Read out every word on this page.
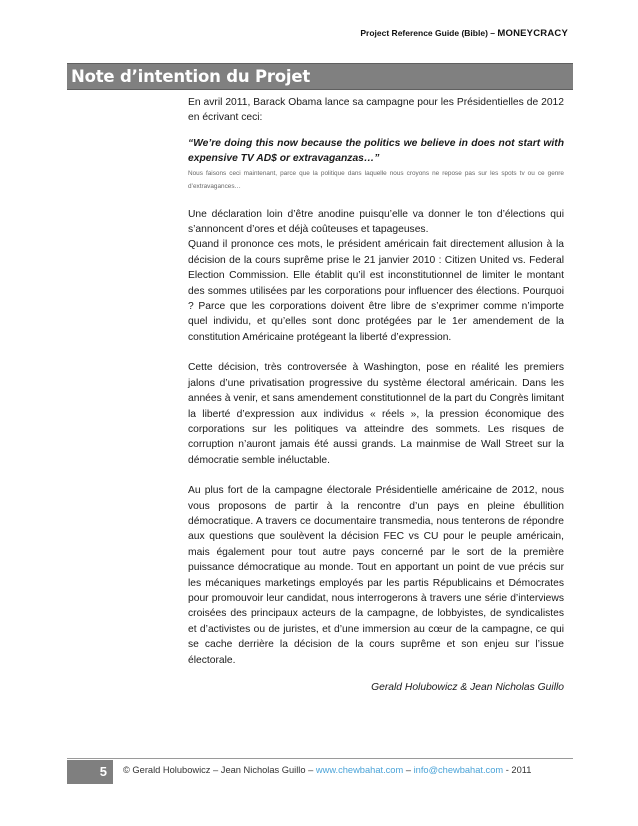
Project Reference Guide (Bible) – MONEYCRACY
Note d’intention du Projet

En avril 2011, Barack Obama lance sa campagne pour les Présidentielles de 2012 en écrivant ceci:

“We’re doing this now because the politics we believe in does not start with expensive TV AD$ or extravaganzas…”

Nous faisons ceci maintenant, parce que la politique dans laquelle nous croyons ne repose pas sur les spots tv ou ce genre d’extravagances…

Une déclaration loin d’être anodine puisqu’elle va donner le ton d’élections qui s’annoncent d’ores et déjà coûteuses et tapageuses.

Quand il prononce ces mots, le président américain fait directement allusion à la décision de la cours suprême prise le 21 janvier 2010 : Citizen United vs. Federal Election Commission. Elle établit qu’il est inconstitutionnel de limiter le montant des sommes utilisées par les corporations pour influencer des élections. Pourquoi ? Parce que les corporations doivent être libre de s’exprimer comme n’importe quel individu, et qu’elles sont donc protégées par le 1er amendement de la constitution Américaine protégeant la liberté d’expression.

Cette décision, très controversée à Washington, pose en réalité les premiers jalons d’une privatisation progressive du système électoral américain. Dans les années à venir, et sans amendement constitutionnel de la part du Congrès limitant la liberté d’expression aux individus « réels », la pression économique des corporations sur les politiques va atteindre des sommets. Les risques de corruption n’auront jamais été aussi grands. La mainmise de Wall Street sur la démocratie semble inéluctable.

Au plus fort de la campagne électorale Présidentielle américaine de 2012, nous vous proposons de partir à la rencontre d’un pays en pleine ébullition démocratique. A travers ce documentaire transmedia, nous tenterons de répondre aux questions que soulèvent la décision FEC vs CU pour le peuple américain, mais également pour tout autre pays concerné par le sort de la première puissance démocratique au monde. Tout en apportant un point de vue précis sur les mécaniques marketings employés par les partis Républicains et Démocrates pour promouvoir leur candidat, nous interrogerons à travers une série d’interviews croisées des principaux acteurs de la campagne, de lobbyistes, de syndicalistes et d’activistes ou de juristes, et d’une immersion au cœur de la campagne, ce qui se cache derrière la décision de la cours suprême et son enjeu sur l’issue électorale.

Gerald Holubowicz & Jean Nicholas Guillo

5	© Gerald Holubowicz – Jean Nicholas Guillo – www.chewbahat.com – info@chewbahat.com - 2011
